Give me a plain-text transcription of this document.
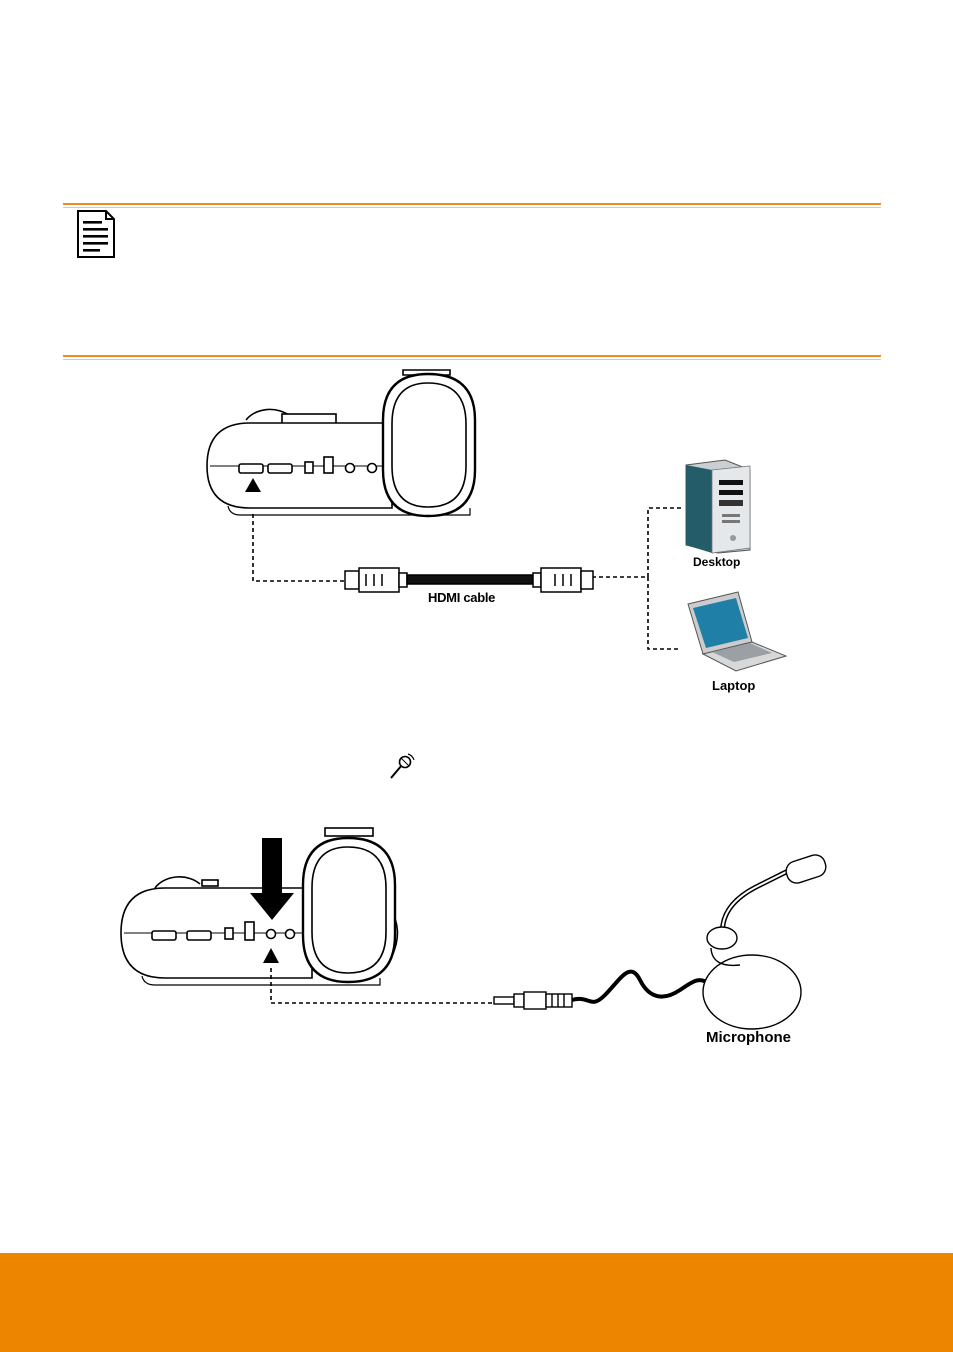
HDMI cable
Desktop
Laptop
Microphone
